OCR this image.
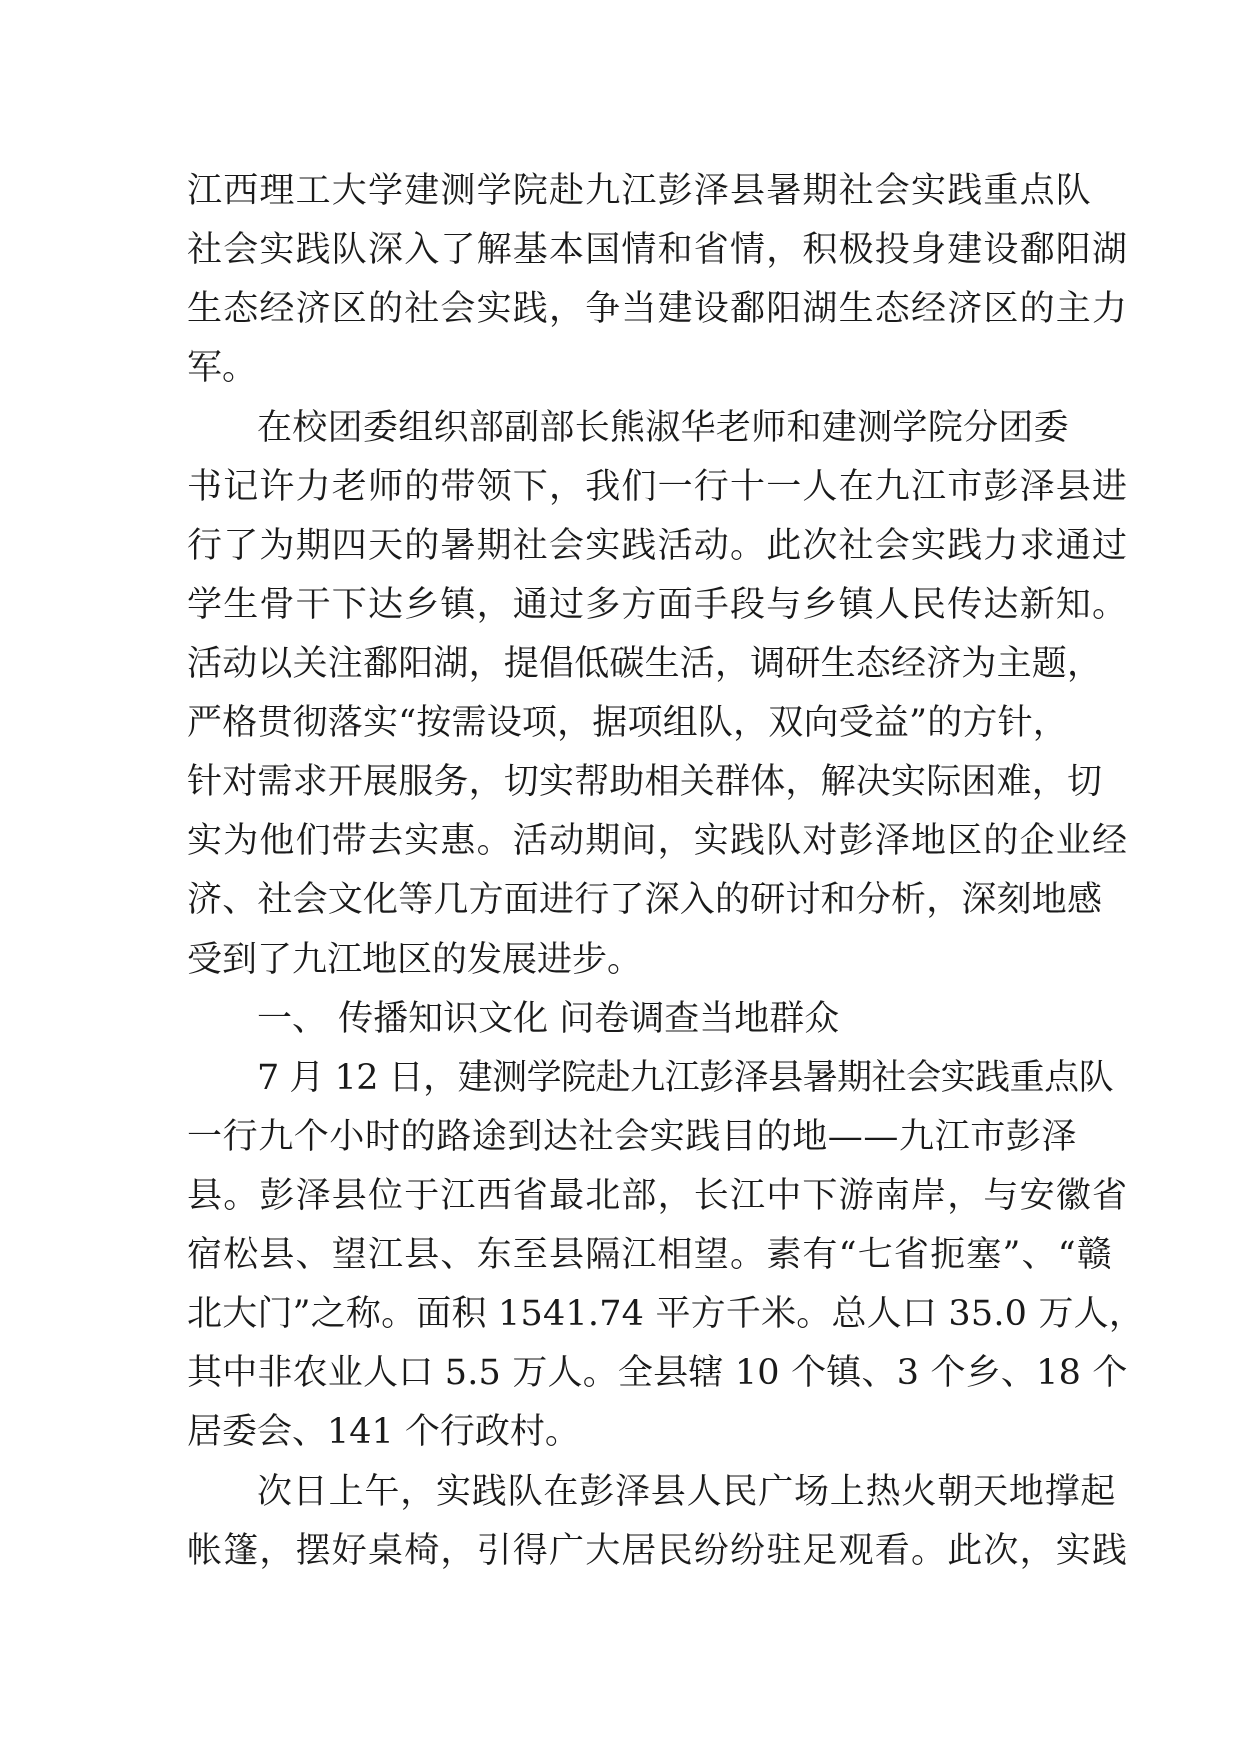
江西理工大学建测学院赴九江彭泽县暑期社会实践重点队
社会实践队深入了解基本国情和省情，积极投身建设鄱阳湖
生态经济区的社会实践，争当建设鄱阳湖生态经济区的主力
军。
在校团委组织部副部长熊淑华老师和建测学院分团委
书记许力老师的带领下，我们一行十一人在九江市彭泽县进
行了为期四天的暑期社会实践活动。此次社会实践力求通过
学生骨干下达乡镇，通过多方面手段与乡镇人民传达新知。
活动以关注鄱阳湖，提倡低碳生活，调研生态经济为主题，
严格贯彻落实“按需设项，据项组队，双向受益”的方针，
针对需求开展服务，切实帮助相关群体，解决实际困难，切
实为他们带去实惠。活动期间，实践队对彭泽地区的企业经
济、社会文化等几方面进行了深入的研讨和分析，深刻地感
受到了九江地区的发展进步。
一、 传播知识文化 问卷调查当地群众
7 月 12 日，建测学院赴九江彭泽县暑期社会实践重点队
一行九个小时的路途到达社会实践目的地——九江市彭泽
县。彭泽县位于江西省最北部，长江中下游南岸，与安徽省
宿松县、望江县、东至县隔江相望。素有“七省扼塞”、“赣
北大门”之称。面积 1541.74 平方千米。总人口 35.0 万人，
其中非农业人口 5.5 万人。全县辖 10 个镇、3 个乡、18 个
居委会、141 个行政村。
次日上午，实践队在彭泽县人民广场上热火朝天地撑起
帐篷，摆好桌椅，引得广大居民纷纷驻足观看。此次，实践
